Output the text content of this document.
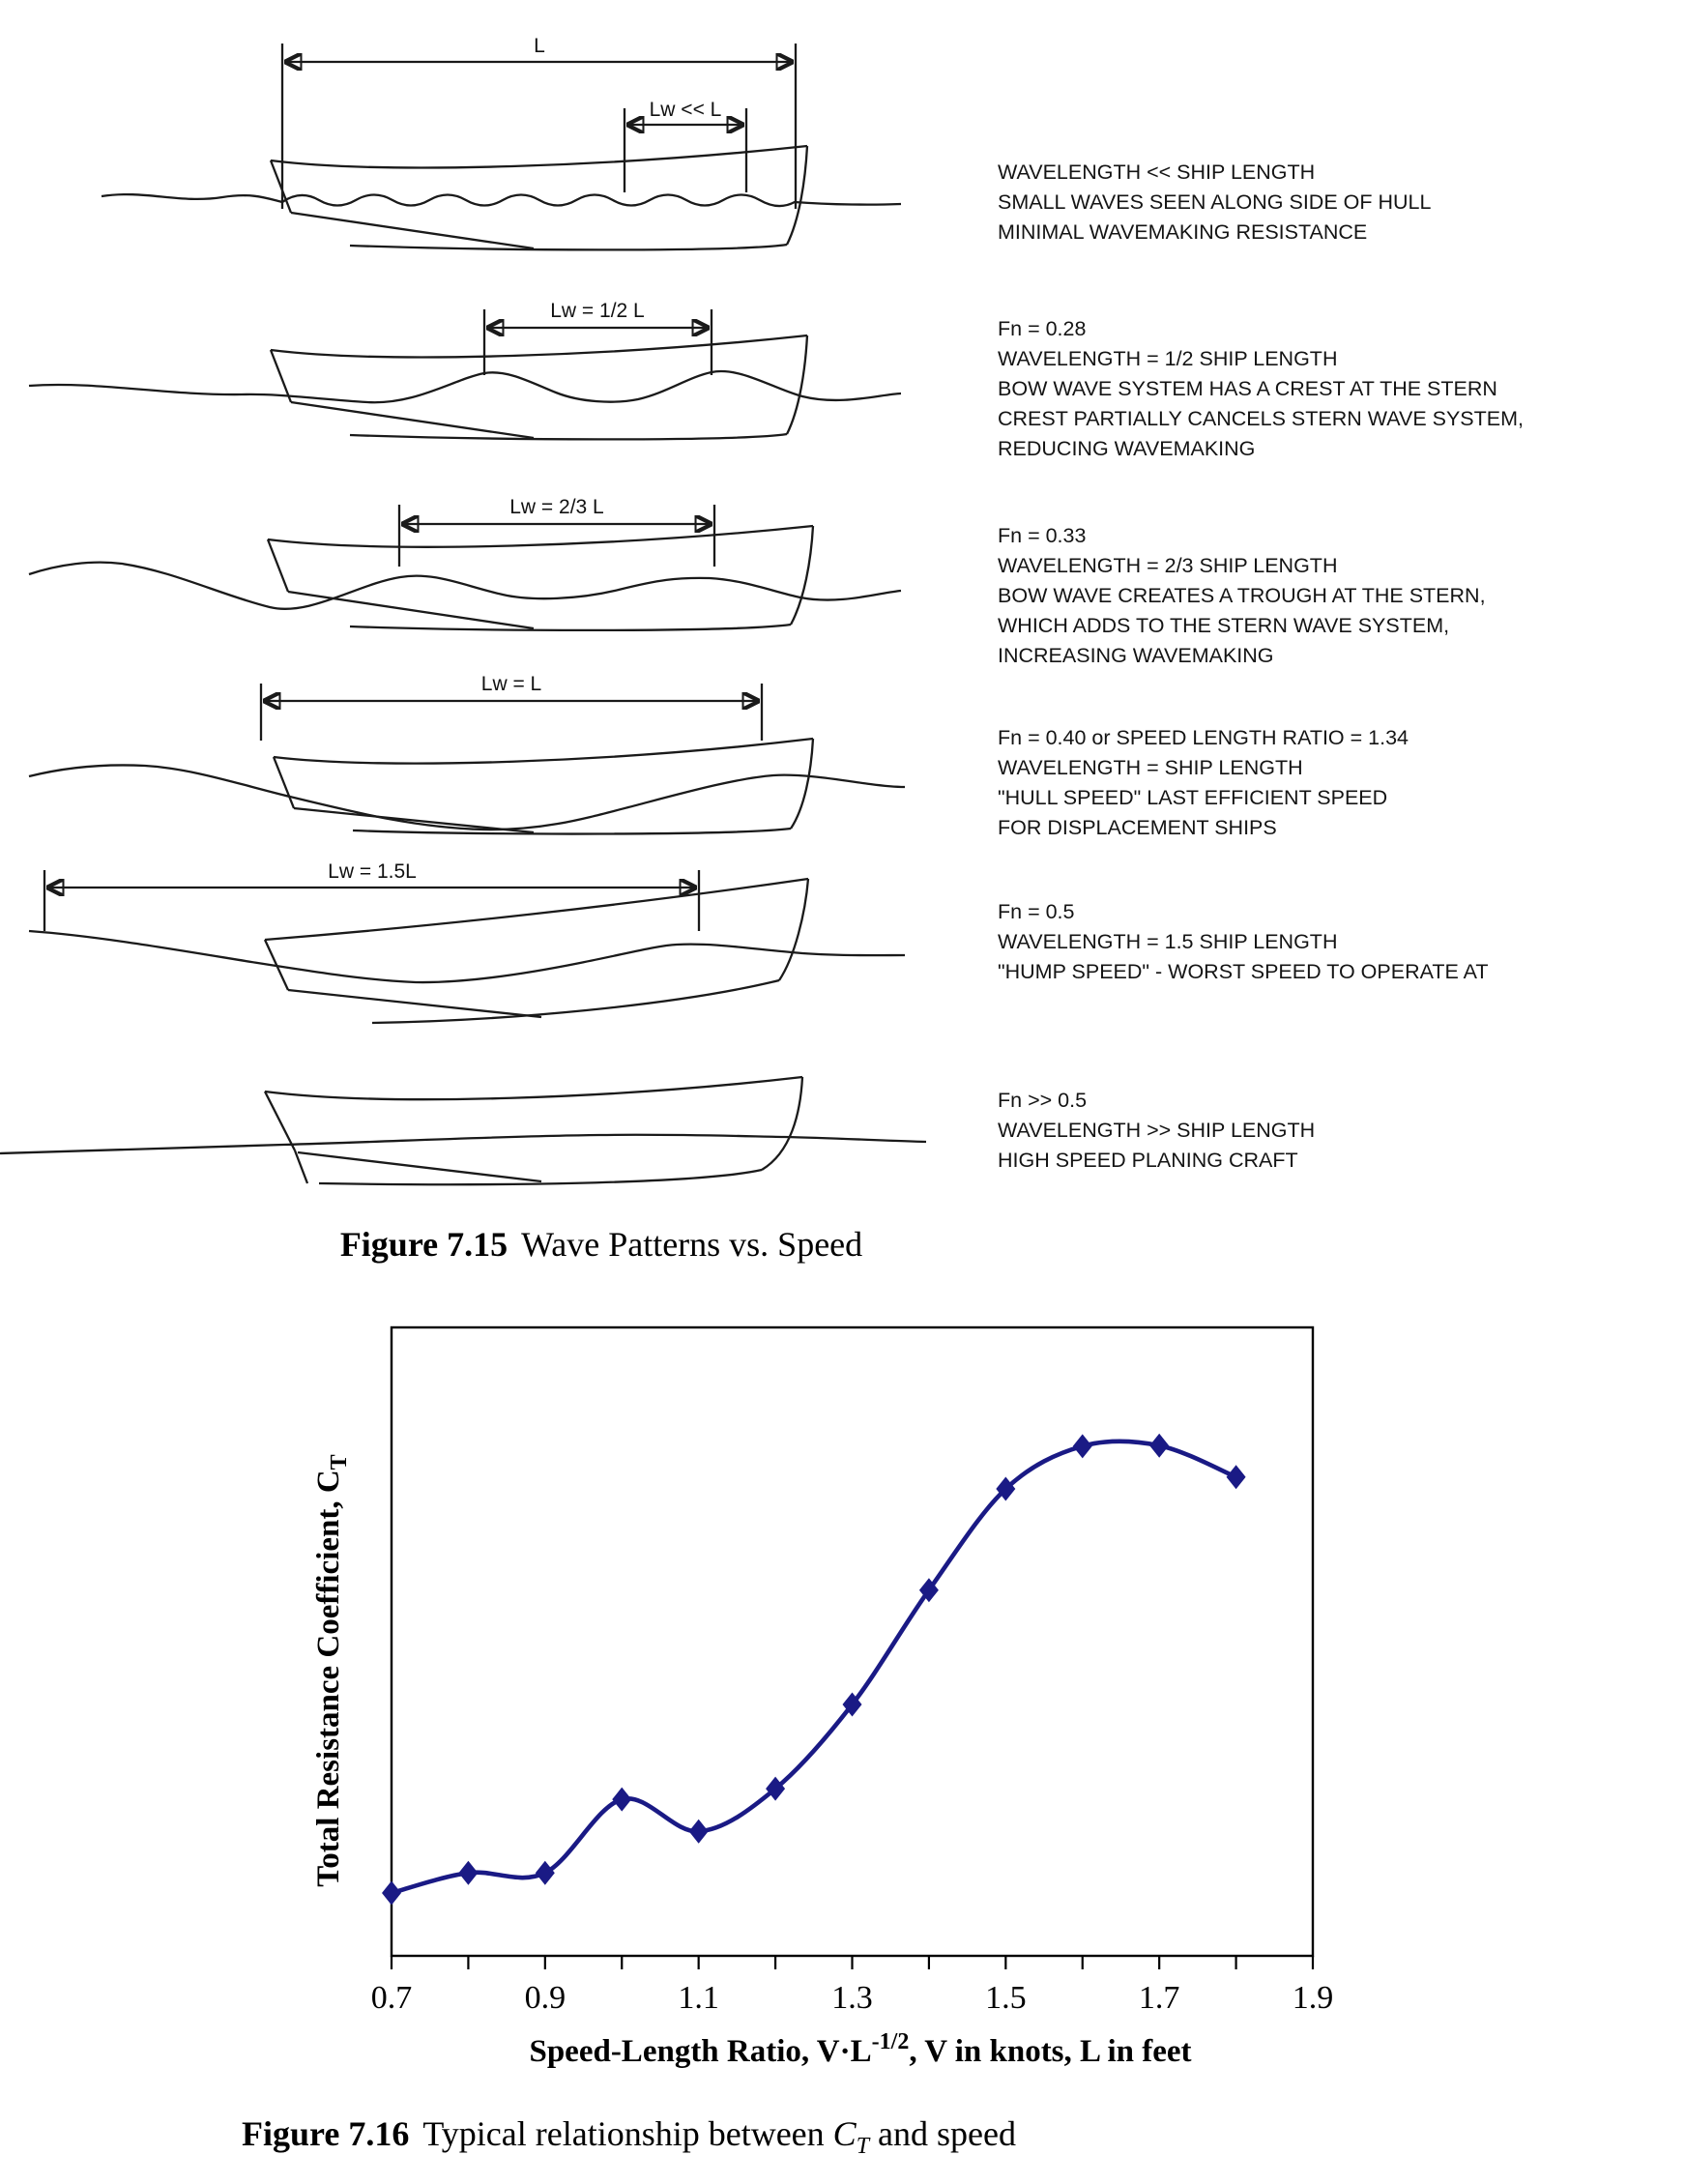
L
Lw << L
Lw = 1/2 L
Lw = 2/3 L
Lw = L
Lw = 1.5L
WAVELENGTH << SHIP LENGTH
SMALL WAVES SEEN ALONG SIDE OF HULL
MINIMAL WAVEMAKING RESISTANCE
Fn = 0.28
WAVELENGTH = 1/2 SHIP LENGTH
BOW WAVE SYSTEM HAS A CREST AT THE STERN
CREST PARTIALLY CANCELS STERN WAVE SYSTEM,
REDUCING WAVEMAKING
Fn = 0.33
WAVELENGTH = 2/3 SHIP LENGTH
BOW WAVE CREATES A TROUGH AT THE STERN,
WHICH ADDS TO THE STERN WAVE SYSTEM,
INCREASING WAVEMAKING
Fn = 0.40 or SPEED LENGTH RATIO = 1.34
WAVELENGTH = SHIP LENGTH
"HULL SPEED" LAST EFFICIENT SPEED
FOR DISPLACEMENT SHIPS
Fn = 0.5
WAVELENGTH = 1.5 SHIP LENGTH
"HUMP SPEED" - WORST SPEED TO OPERATE AT
Fn >> 0.5
WAVELENGTH >> SHIP LENGTH
HIGH SPEED PLANING CRAFT
Figure 7.15 Wave Patterns vs. Speed
0.7	0.9	1.1	1.3	1.5	1.7	1.9
Total Resistance Coefficient, $C_T$
Speed-Length Ratio, $V\cdot L^{-1/2}$, V in knots, L in feet
Figure 7.16 Typical relationship between $C_T$ and speed
